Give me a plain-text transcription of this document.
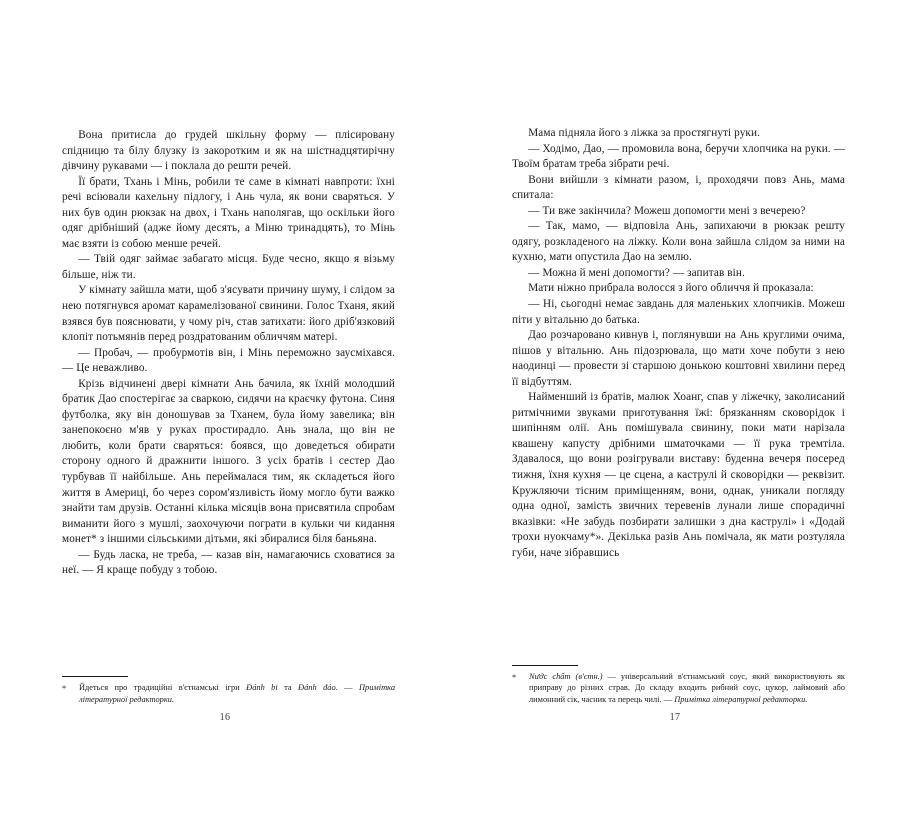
Вона притисла до грудей шкільну форму — плісировану спідницю та білу блузку із закоротким и як на шістнадцятирічну дівчину рукавами — і поклала до решти речей.

Її брати, Тхань і Мінь, робили те саме в кімнаті навпроти: їхні речі всіювали кахельну підлогу, і Ань чула, як вони сваряться. У них був один рюкзак на двох, і Тхань наполягав, що оскільки його одяг дрібніший (адже йому десять, а Міню тринадцять), то Мінь має взяти із собою менше речей.

— Твій одяг займає забагато місця. Буде чесно, якщо я візьму більше, ніж ти.

У кімнату зайшла мати, щоб з'ясувати причину шуму, і слідом за нею потягнувся аромат карамелізованої свинини. Голос Тханя, який взявся був пояснювати, у чому річ, став затихати: його дріб'язковий клопіт потьмянів перед роздратованим обличчям матері.

— Пробач, — пробурмотів він, і Мінь переможно заусміхався. — Це неважливо.

Крізь відчинені двері кімнати Ань бачила, як їхній молодший братик Дао спостерігає за сваркою, сидячи на краєчку футона. Синя футболка, яку він доношував за Тханем, була йому завелика; він занепокоєно м'яв у руках простирадло. Ань знала, що він не любить, коли брати сваряться: боявся, що доведеться обирати сторону одного й дражнити іншого. З усіх братів і сестер Дао турбував її найбільше. Ань переймалася тим, як складеться його життя в Америці, бо через сором'язливість йому могло бути важко знайти там друзів. Останні кілька місяців вона присвятила спробам виманити його з мушлі, заохочуючи пограти в кульки чи кидання монет* з іншими сільськими дітьми, які збиралися біля баньяна.

— Будь ласка, не треба, — казав він, намагаючись сховатися за неї. — Я краще побуду з тобою.

*	Йдеться про традиційні в'єтнамські ігри Đánh bi та Đánh đáo. — Примітка літературної редакторки.
16

Мама підняла його з ліжка за простягнуті руки.

— Ходімо, Дао, — промовила вона, беручи хлопчика на руки. — Твоїм братам треба зібрати речі.

Вони вийшли з кімнати разом, і, проходячи повз Ань, мама спитала:

— Ти вже закінчила? Можеш допомогти мені з вечерею?

— Так, мамо, — відповіла Ань, запихаючи в рюкзак решту одягу, розкладеного на ліжку. Коли вона зайшла слідом за ними на кухню, мати опустила Дао на землю.

— Можна й мені допомогти? — запитав він.

Мати ніжно прибрала волосся з його обличчя й проказала:

— Ні, сьогодні немає завдань для маленьких хлопчиків. Можеш піти у вітальню до батька.

Дао розчаровано кивнув і, поглянувши на Ань круглими очима, пішов у вітальню. Ань підозрювала, що мати хоче побути з нею наодинці — провести зі старшою донькою коштовні хвилини перед її відбуттям.

Найменший із братів, малюк Хоанг, спав у ліжечку, заколисаний ритмічними звуками приготування їжі: брязканням сковорідок і шипінням олії. Ань помішувала свинину, поки мати нарізала квашену капусту дрібними шматочками — її рука тремтіла. Здавалося, що вони розігрували виставу: буденна вечеря посеред тижня, їхня кухня — це сцена, а каструлі й сковорідки — реквізит. Кружляючи тісним приміщенням, вони, однак, уникали погляду одна одної, замість звичних теревенів лунали лише спорадичні вказівки: «Не забудь позбирати залишки з дна каструлі» і «Додай трохи нуокчаму*». Декілька разів Ань помічала, як мати розтуляла губи, наче зібравшись

*	Nước chấm (в'єтн.) — універсальний в'єтнамський соус, який використовують як приправу до різних страв. До складу входить рибний соус, цукор, лаймовий або лимонний сік, часник та перець чилі. — Примітка літературної редакторки.
17
